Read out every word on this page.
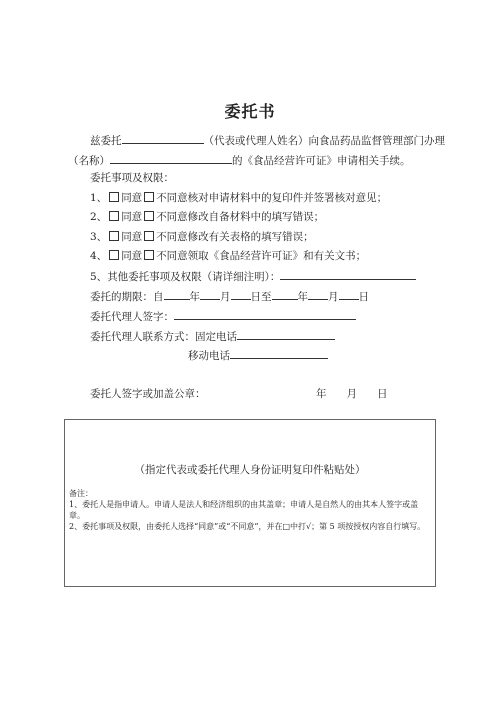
委托书
兹委托	（代表或代理人姓名）向食品药品监督管理部门办理
（名称）	的《食品经营许可证》申请相关手续。
委托事项及权限：
1、 同意 不同意核对申请材料中的复印件并签署核对意见；
2、 同意 不同意修改自备材料中的填写错误；
3、 同意 不同意修改有关表格的填写错误；
4、 同意 不同意领取《食品经营许可证》和有关文书；
5、其他委托事项及权限（请详细注明）：
委托的期限：自 年 月 日至 年 月 日
委托代理人签字：
委托代理人联系方式：固定电话
移动电话
委托人签字或加盖公章：	年 月 日
（指定代表或委托代理人身份证明复印件粘贴处）
备注：
1、委托人是指申请人。申请人是法人和经济组织的由其盖章；申请人是自然人的由其本人签字或盖章。
2、委托事项及权限，由委托人选择“同意”或“不同意”，并在□中打√；第 5 项按授权内容自行填写。
